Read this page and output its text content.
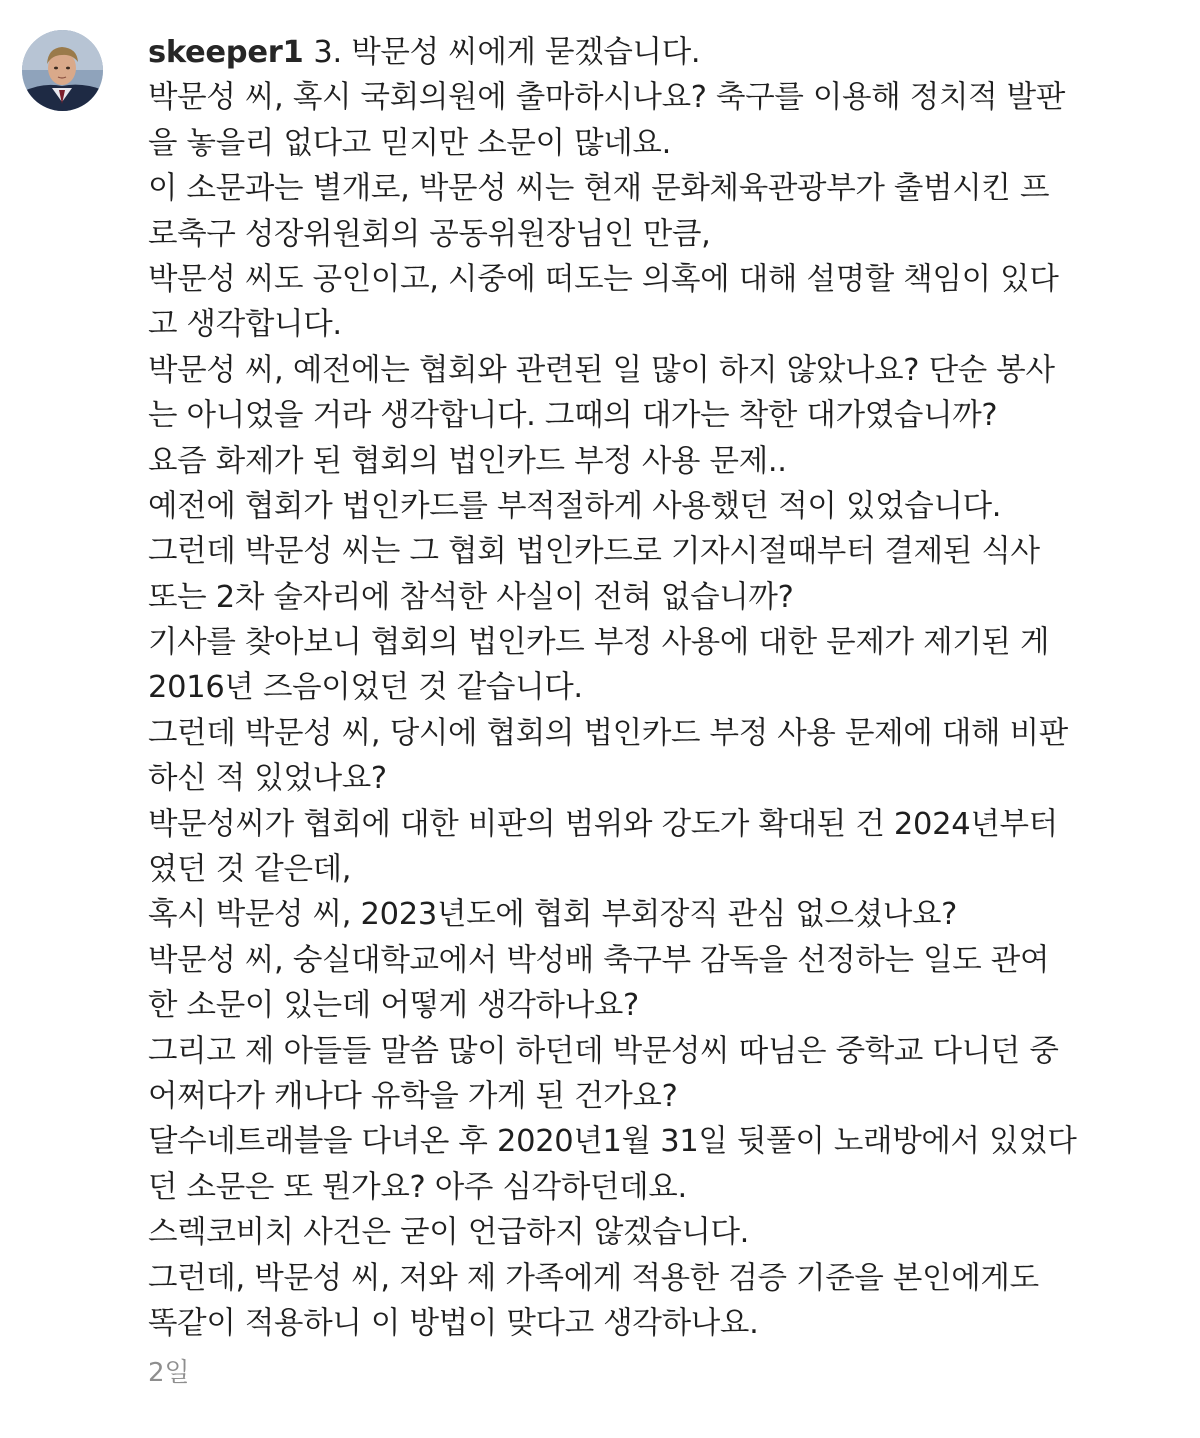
skeeper1 3. 박문성 씨에게 묻겠습니다.
박문성 씨, 혹시 국회의원에 출마하시나요? 축구를 이용해 정치적 발판
을 놓을리 없다고 믿지만 소문이 많네요.
이 소문과는 별개로, 박문성 씨는 현재 문화체육관광부가 출범시킨 프
로축구 성장위원회의 공동위원장님인 만큼,
박문성 씨도 공인이고, 시중에 떠도는 의혹에 대해 설명할 책임이 있다
고 생각합니다.
박문성 씨, 예전에는 협회와 관련된 일 많이 하지 않았나요? 단순 봉사
는 아니었을 거라 생각합니다. 그때의 대가는 착한 대가였습니까?
요즘 화제가 된 협회의 법인카드 부정 사용 문제..
예전에 협회가 법인카드를 부적절하게 사용했던 적이 있었습니다.
그런데 박문성 씨는 그 협회 법인카드로 기자시절때부터 결제된 식사
또는 2차 술자리에 참석한 사실이 전혀 없습니까?
기사를 찾아보니 협회의 법인카드 부정 사용에 대한 문제가 제기된 게
2016년 즈음이었던 것 같습니다.
그런데 박문성 씨, 당시에 협회의 법인카드 부정 사용 문제에 대해 비판
하신 적 있었나요?
박문성씨가 협회에 대한 비판의 범위와 강도가 확대된 건 2024년부터
였던 것 같은데,
혹시 박문성 씨, 2023년도에 협회 부회장직 관심 없으셨나요?
박문성 씨, 숭실대학교에서 박성배 축구부 감독을 선정하는 일도 관여
한 소문이 있는데 어떻게 생각하나요?
그리고 제 아들들 말씀 많이 하던데 박문성씨 따님은 중학교 다니던 중
어쩌다가 캐나다 유학을 가게 된 건가요?
달수네트래블을 다녀온 후 2020년1월 31일 뒷풀이 노래방에서 있었다
던 소문은 또 뭔가요? 아주 심각하던데요.
스렉코비치 사건은 굳이 언급하지 않겠습니다.
그런데, 박문성 씨, 저와 제 가족에게 적용한 검증 기준을 본인에게도
똑같이 적용하니 이 방법이 맞다고 생각하나요.
2일
